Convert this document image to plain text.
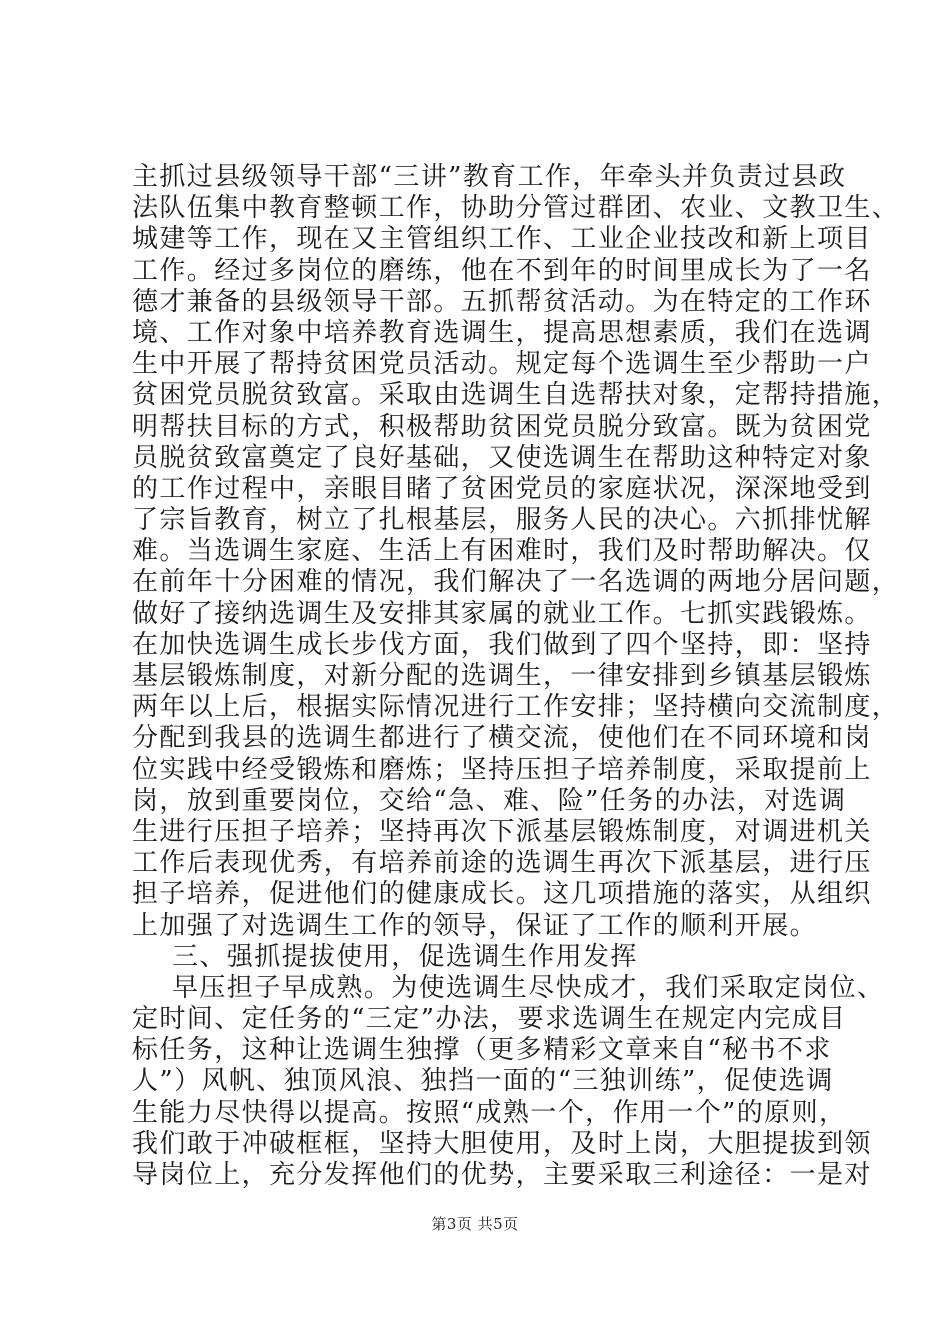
主抓过县级领导干部“三讲”教育工作，年牵头并负责过县政
法队伍集中教育整顿工作，协助分管过群团、农业、文教卫生、
城建等工作，现在又主管组织工作、工业企业技改和新上项目
工作。经过多岗位的磨练，他在不到年的时间里成长为了一名
德才兼备的县级领导干部。五抓帮贫活动。为在特定的工作环
境、工作对象中培养教育选调生，提高思想素质，我们在选调
生中开展了帮持贫困党员活动。规定每个选调生至少帮助一户
贫困党员脱贫致富。采取由选调生自选帮扶对象，定帮持措施，
明帮扶目标的方式，积极帮助贫困党员脱分致富。既为贫困党
员脱贫致富奠定了良好基础，又使选调生在帮助这种特定对象
的工作过程中，亲眼目睹了贫困党员的家庭状况，深深地受到
了宗旨教育，树立了扎根基层，服务人民的决心。六抓排忧解
难。当选调生家庭、生活上有困难时，我们及时帮助解决。仅
在前年十分困难的情况，我们解决了一名选调的两地分居问题，
做好了接纳选调生及安排其家属的就业工作。七抓实践锻炼。
在加快选调生成长步伐方面，我们做到了四个坚持，即：坚持
基层锻炼制度，对新分配的选调生，一律安排到乡镇基层锻炼
两年以上后，根据实际情况进行工作安排；坚持横向交流制度，
分配到我县的选调生都进行了横交流，使他们在不同环境和岗
位实践中经受锻炼和磨炼；坚持压担子培养制度，采取提前上
岗，放到重要岗位，交给“急、难、险”任务的办法，对选调
生进行压担子培养；坚持再次下派基层锻炼制度，对调进机关
工作后表现优秀，有培养前途的选调生再次下派基层，进行压
担子培养，促进他们的健康成长。这几项措施的落实，从组织
上加强了对选调生工作的领导，保证了工作的顺利开展。
三、强抓提拔使用，促选调生作用发挥
早压担子早成熟。为使选调生尽快成才，我们采取定岗位、
定时间、定任务的“三定”办法，要求选调生在规定内完成目
标任务，这种让选调生独撑（更多精彩文章来自“秘书不求
人”）风帆、独顶风浪、独挡一面的“三独训练”，促使选调
生能力尽快得以提高。按照“成熟一个，作用一个”的原则，
我们敢于冲破框框，坚持大胆使用，及时上岗，大胆提拔到领
导岗位上，充分发挥他们的优势，主要采取三利途径：一是对
第3页 共5页
